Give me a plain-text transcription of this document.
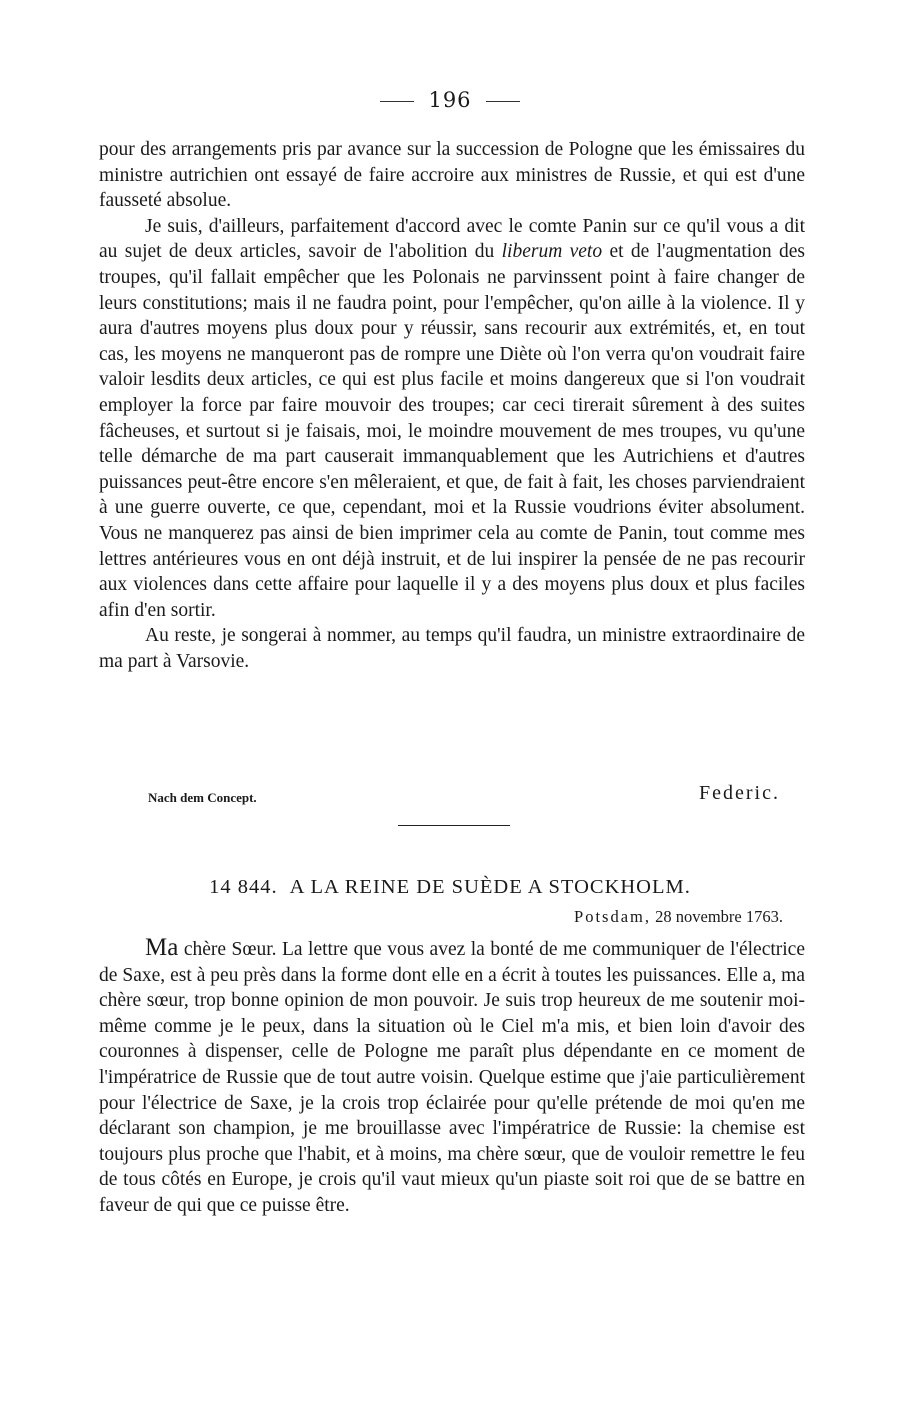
196

pour des arrangements pris par avance sur la succession de Pologne que les émissaires du ministre autrichien ont essayé de faire accroire aux ministres de Russie, et qui est d'une fausseté absolue.

Je suis, d'ailleurs, parfaitement d'accord avec le comte Panin sur ce qu'il vous a dit au sujet de deux articles, savoir de l'abolition du liberum veto et de l'augmentation des troupes, qu'il fallait empêcher que les Polonais ne parvinssent point à faire changer de leurs constitutions; mais il ne faudra point, pour l'empêcher, qu'on aille à la violence. Il y aura d'autres moyens plus doux pour y réussir, sans recourir aux extrémités, et, en tout cas, les moyens ne manqueront pas de rompre une Diète où l'on verra qu'on voudrait faire valoir lesdits deux articles, ce qui est plus facile et moins dangereux que si l'on voudrait employer la force par faire mouvoir des troupes; car ceci tirerait sûrement à des suites fâcheuses, et surtout si je faisais, moi, le moindre mouvement de mes troupes, vu qu'une telle démarche de ma part causerait immanquablement que les Autrichiens et d'autres puissances peut-être encore s'en mêleraient, et que, de fait à fait, les choses parviendraient à une guerre ouverte, ce que, cependant, moi et la Russie voudrions éviter absolument. Vous ne manquerez pas ainsi de bien imprimer cela au comte de Panin, tout comme mes lettres antérieures vous en ont déjà instruit, et de lui inspirer la pensée de ne pas recourir aux violences dans cette affaire pour laquelle il y a des moyens plus doux et plus faciles afin d'en sortir.

Au reste, je songerai à nommer, au temps qu'il faudra, un ministre extraordinaire de ma part à Varsovie.

Nach dem Concept.	Federic.
14 844. A LA REINE DE SUÈDE A STOCKHOLM.
Potsdam, 28 novembre 1763.

Ma chère Sœur. La lettre que vous avez la bonté de me communiquer de l'électrice de Saxe, est à peu près dans la forme dont elle en a écrit à toutes les puissances. Elle a, ma chère sœur, trop bonne opinion de mon pouvoir. Je suis trop heureux de me soutenir moi-même comme je le peux, dans la situation où le Ciel m'a mis, et bien loin d'avoir des couronnes à dispenser, celle de Pologne me paraît plus dépendante en ce moment de l'impératrice de Russie que de tout autre voisin. Quelque estime que j'aie particulièrement pour l'électrice de Saxe, je la crois trop éclairée pour qu'elle prétende de moi qu'en me déclarant son champion, je me brouillasse avec l'impératrice de Russie: la chemise est toujours plus proche que l'habit, et à moins, ma chère sœur, que de vouloir remettre le feu de tous côtés en Europe, je crois qu'il vaut mieux qu'un piaste soit roi que de se battre en faveur de qui que ce puisse être.
